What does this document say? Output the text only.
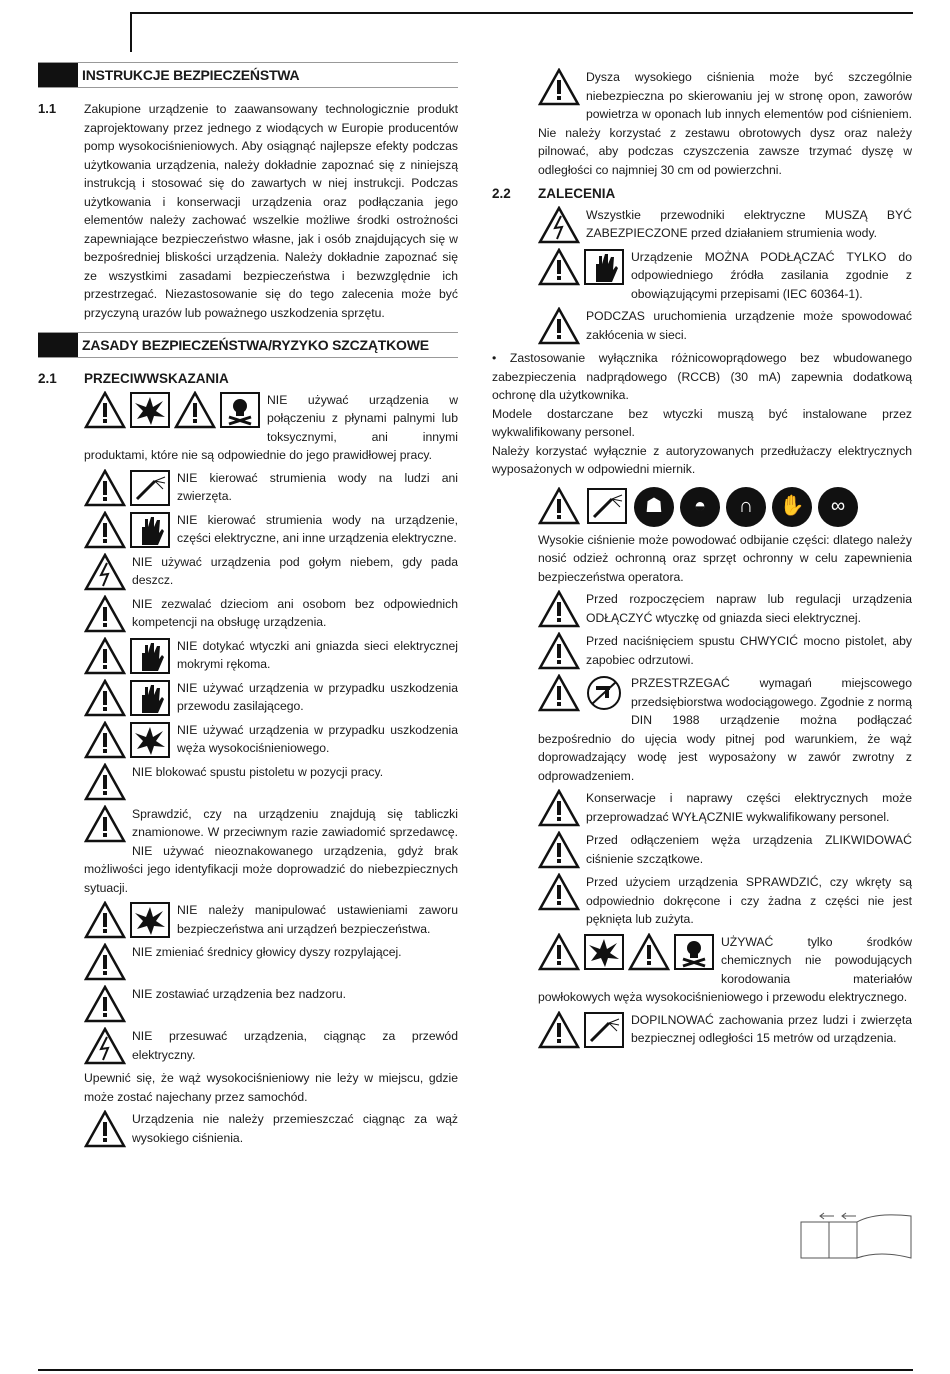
INSTRUKCJE BEZPIECZEŃSTWA
1.1	Zakupione urządzenie to zaawansowany technologicznie produkt zaprojektowany przez jednego z wiodących w Europie producentów pomp wysokociśnieniowych. Aby osiągnąć najlepsze efekty podczas użytkowania urządzenia, należy dokładnie zapoznać się z niniejszą instrukcją i stosować się do zawartych w niej instrukcji. Podczas użytkowania i konserwacji urządzenia oraz podłączania jego elementów należy zachować wszelkie możliwe środki ostrożności zapewniające bezpieczeństwo własne, jak i osób znajdujących się w bezpośredniej bliskości urządzenia. Należy dokładnie zapoznać się ze wszystkimi zasadami bezpieczeństwa i bezwzględnie ich przestrzegać. Niezastosowanie się do tego zalecenia może być przyczyną urazów lub poważnego uszkodzenia sprzętu.

ZASADY BEZPIECZEŃSTWA/RYZYKO SZCZĄTKOWE
2.1	PRZECIWWSKAZANIA

NIE używać urządzenia w połączeniu z płynami palnymi lub toksycznymi, ani innymi produktami, które nie są odpowiednie do jego prawidłowej pracy.

NIE kierować strumienia wody na ludzi ani zwierzęta.

NIE kierować strumienia wody na urządzenie, części elektryczne, ani inne urządzenia elektryczne.

NIE używać urządzenia pod gołym niebem, gdy pada deszcz.

NIE zezwalać dzieciom ani osobom bez odpowiednich kompetencji na obsługę urządzenia.

NIE dotykać wtyczki ani gniazda sieci elektrycznej mokrymi rękoma.

NIE używać urządzenia w przypadku uszkodzenia przewodu zasilającego.

NIE używać urządzenia w przypadku uszkodzenia węża wysokociśnieniowego.

NIE blokować spustu pistoletu w pozycji pracy.

Sprawdzić, czy na urządzeniu znajdują się tabliczki znamionowe. W przeciwnym razie zawiadomić sprzedawcę. NIE używać nieoznakowanego urządzenia, gdyż brak możliwości jego identyfikacji może doprowadzić do niebezpiecznych sytuacji.

NIE należy manipulować ustawieniami zaworu bezpieczeństwa ani urządzeń bezpieczeństwa.

NIE zmieniać średnicy głowicy dyszy rozpylającej.

NIE zostawiać urządzenia bez nadzoru.

NIE przesuwać urządzenia, ciągnąc za przewód elektryczny.

Upewnić się, że wąż wysokociśnieniowy nie leży w miejscu, gdzie może zostać najechany przez samochód.

Urządzenia nie należy przemieszczać ciągnąc za wąż wysokiego ciśnienia.

Dysza wysokiego ciśnienia może być szczególnie niebezpieczna po skierowaniu jej w stronę opon, zaworów powietrza w oponach lub innych elementów pod ciśnieniem. Nie należy korzystać z zestawu obrotowych dysz oraz należy pilnować, aby podczas czyszczenia zawsze trzymać dyszę w odległości co najmniej 30 cm od powierzchni.

2.2	ZALECENIA

Wszystkie przewodniki elektryczne MUSZĄ BYĆ ZABEZPIECZONE przed działaniem strumienia wody.

Urządzenie MOŻNA PODŁĄCZAĆ TYLKO do odpowiedniego źródła zasilania zgodnie z obowiązującymi przepisami (IEC 60364-1).

PODCZAS uruchomienia urządzenie może spowodować zakłócenia w sieci.

• Zastosowanie wyłącznika różnicowoprądowego bez wbudowanego zabezpieczenia nadprądowego (RCCB) (30 mA) zapewnia dodatkową ochronę dla użytkownika.

Modele dostarczane bez wtyczki muszą być instalowane przez wykwalifikowany personel.

Należy korzystać wyłącznie z autoryzowanych przedłużaczy elektrycznych wyposażonych w odpowiedni miernik.

☗	◓	∩	✋	∞

Wysokie ciśnienie może powodować odbijanie części: dlatego należy nosić odzież ochronną oraz sprzęt ochronny w celu zapewnienia bezpieczeństwa operatora.

Przed rozpoczęciem napraw lub regulacji urządzenia ODŁĄCZYĆ wtyczkę od gniazda sieci elektrycznej.

Przed naciśnięciem spustu CHWYCIĆ mocno pistolet, aby zapobiec odrzutowi.

PRZESTRZEGAĆ wymagań miejscowego przedsiębiorstwa wodociągowego. Zgodnie z normą DIN 1988 urządzenie można podłączać bezpośrednio do ujęcia wody pitnej pod warunkiem, że wąż doprowadzający wodę jest wyposażony w zawór zwrotny z odprowadzeniem.

Konserwacje i naprawy części elektrycznych może przeprowadzać WYŁĄCZNIE wykwalifikowany personel.

Przed odłączeniem węża urządzenia ZLIKWIDOWAĆ ciśnienie szczątkowe.

Przed użyciem urządzenia SPRAWDZIĆ, czy wkręty są odpowiednio dokręcone i czy żadna z części nie jest pęknięta lub zużyta.

UŻYWAĆ tylko środków chemicznych nie powodujących korodowania materiałów powłokowych węża wysokociśnieniowego i przewodu elektrycznego.

DOPILNOWAĆ zachowania przez ludzi i zwierzęta bezpiecznej odległości 15 metrów od urządzenia.
